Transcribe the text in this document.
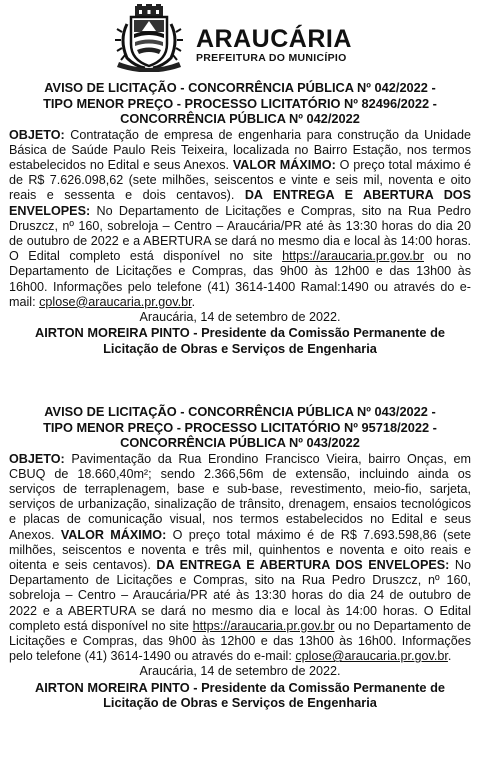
ARAUCÁRIA
PREFEITURA DO MUNICÍPIO
AVISO DE LICITAÇÃO - CONCORRÊNCIA PÚBLICA Nº 042/2022 -
TIPO MENOR PREÇO - PROCESSO LICITATÓRIO Nº 82496/2022 -
CONCORRÊNCIA PÚBLICA Nº 042/2022
OBJETO: Contratação de empresa de engenharia para construção da Unidade Básica de Saúde Paulo Reis Teixeira, localizada no Bairro Estação, nos termos estabelecidos no Edital e seus Anexos. VALOR MÁXIMO: O preço total máximo é de R$ 7.626.098,62 (sete milhões, seiscentos e vinte e seis mil, noventa e oito reais e sessenta e dois centavos). DA ENTREGA E ABERTURA DOS ENVELOPES: No Departamento de Licitações e Compras, sito na Rua Pedro Druszcz, nº 160, sobreloja – Centro – Araucária/PR até às 13:30 horas do dia 20 de outubro de 2022 e a ABERTURA se dará no mesmo dia e local às 14:00 horas. O Edital completo está disponível no site https://araucaria.pr.gov.br ou no Departamento de Licitações e Compras, das 9h00 às 12h00 e das 13h00 às 16h00. Informações pelo telefone (41) 3614-1400 Ramal:1490 ou através do e-mail: cplose@araucaria.pr.gov.br.
Araucária, 14 de setembro de 2022.
AIRTON MOREIRA PINTO - Presidente da Comissão Permanente de
Licitação de Obras e Serviços de Engenharia
AVISO DE LICITAÇÃO - CONCORRÊNCIA PÚBLICA Nº 043/2022 -
TIPO MENOR PREÇO - PROCESSO LICITATÓRIO Nº 95718/2022 -
CONCORRÊNCIA PÚBLICA Nº 043/2022
OBJETO: Pavimentação da Rua Erondino Francisco Vieira, bairro Onças, em CBUQ de 18.660,40m²; sendo 2.366,56m de extensão, incluindo ainda os serviços de terraplenagem, base e sub-base, revestimento, meio-fio, sarjeta, serviços de urbanização, sinalização de trânsito, drenagem, ensaios tecnológicos e placas de comunicação visual, nos termos estabelecidos no Edital e seus Anexos. VALOR MÁXIMO: O preço total máximo é de R$ 7.693.598,86 (sete milhões, seiscentos e noventa e três mil, quinhentos e noventa e oito reais e oitenta e seis centavos). DA ENTREGA E ABERTURA DOS ENVELOPES: No Departamento de Licitações e Compras, sito na Rua Pedro Druszcz, nº 160, sobreloja – Centro – Araucária/PR até às 13:30 horas do dia 24 de outubro de 2022 e a ABERTURA se dará no mesmo dia e local às 14:00 horas. O Edital completo está disponível no site https://araucaria.pr.gov.br ou no Departamento de Licitações e Compras, das 9h00 às 12h00 e das 13h00 às 16h00. Informações pelo telefone (41) 3614-1490 ou através do e-mail: cplose@araucaria.pr.gov.br.
Araucária, 14 de setembro de 2022.
AIRTON MOREIRA PINTO - Presidente da Comissão Permanente de
Licitação de Obras e Serviços de Engenharia
